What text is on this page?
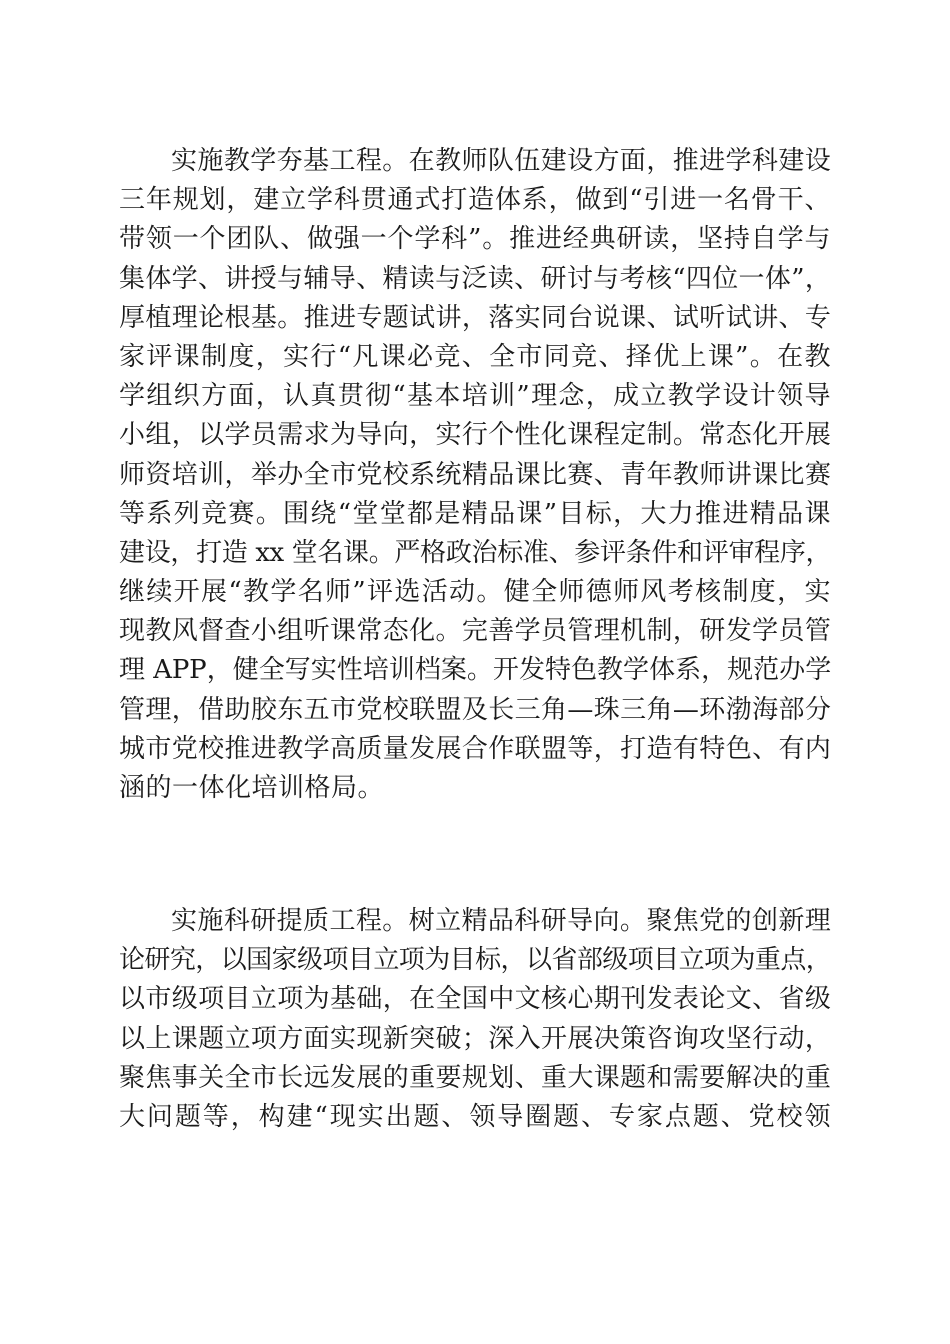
实施教学夯基工程。在教师队伍建设方面，推进学科建设
三年规划，建立学科贯通式打造体系，做到“引进一名骨干、
带领一个团队、做强一个学科”。推进经典研读，坚持自学与
集体学、讲授与辅导、精读与泛读、研讨与考核“四位一体”，
厚植理论根基。推进专题试讲，落实同台说课、试听试讲、专
家评课制度，实行“凡课必竞、全市同竞、择优上课”。在教
学组织方面，认真贯彻“基本培训”理念，成立教学设计领导
小组，以学员需求为导向，实行个性化课程定制。常态化开展
师资培训，举办全市党校系统精品课比赛、青年教师讲课比赛
等系列竞赛。围绕“堂堂都是精品课”目标，大力推进精品课
建设，打造 xx 堂名课。严格政治标准、参评条件和评审程序，
继续开展“教学名师”评选活动。健全师德师风考核制度，实
现教风督查小组听课常态化。完善学员管理机制，研发学员管
理 APP，健全写实性培训档案。开发特色教学体系，规范办学
管理，借助胶东五市党校联盟及长三角—珠三角—环渤海部分
城市党校推进教学高质量发展合作联盟等，打造有特色、有内
涵的一体化培训格局。
实施科研提质工程。树立精品科研导向。聚焦党的创新理
论研究，以国家级项目立项为目标，以省部级项目立项为重点，
以市级项目立项为基础，在全国中文核心期刊发表论文、省级
以上课题立项方面实现新突破；深入开展决策咨询攻坚行动，
聚焦事关全市长远发展的重要规划、重大课题和需要解决的重
大问题等，构建“现实出题、领导圈题、专家点题、党校领
